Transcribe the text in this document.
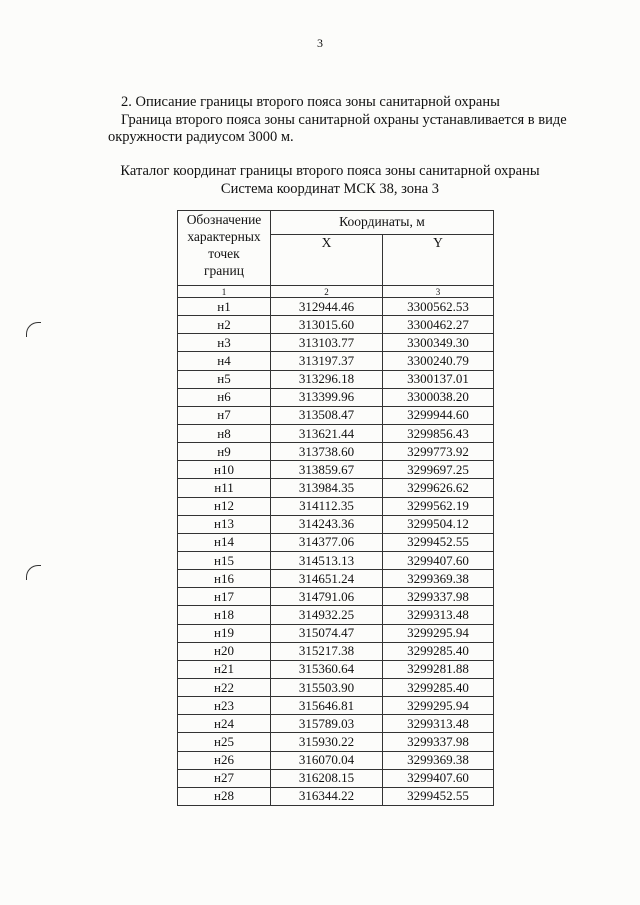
3
2. Описание границы второго пояса зоны санитарной охраны
Граница второго пояса зоны санитарной охраны устанавливается в виде
окружности радиусом 3000 м.
Каталог координат границы второго пояса зоны санитарной охраны
Система координат МСК 38, зона 3
Обозначение
характерных
точек
границ	Координаты, м	
	X	Y
1	2	3
н1	312944.46	3300562.53
н2	313015.60	3300462.27
н3	313103.77	3300349.30
н4	313197.37	3300240.79
н5	313296.18	3300137.01
н6	313399.96	3300038.20
н7	313508.47	3299944.60
н8	313621.44	3299856.43
н9	313738.60	3299773.92
н10	313859.67	3299697.25
н11	313984.35	3299626.62
н12	314112.35	3299562.19
н13	314243.36	3299504.12
н14	314377.06	3299452.55
н15	314513.13	3299407.60
н16	314651.24	3299369.38
н17	314791.06	3299337.98
н18	314932.25	3299313.48
н19	315074.47	3299295.94
н20	315217.38	3299285.40
н21	315360.64	3299281.88
н22	315503.90	3299285.40
н23	315646.81	3299295.94
н24	315789.03	3299313.48
н25	315930.22	3299337.98
н26	316070.04	3299369.38
н27	316208.15	3299407.60
н28	316344.22	3299452.55
